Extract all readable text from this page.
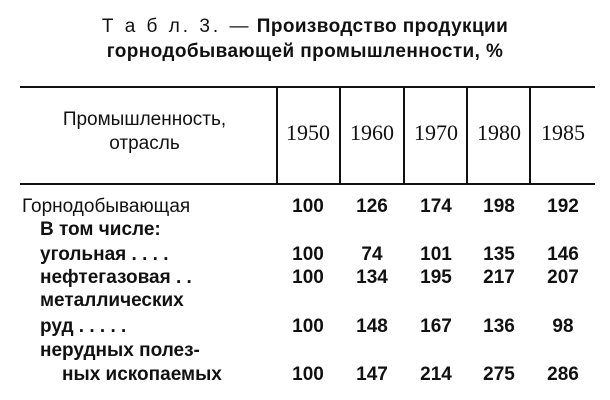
Т а б л. 3. — Производство продукции
горнодобывающей промышленности, %
Промышленность,
отрасль	1950 1960 1970 1980 1985
Горнодобывающая	100	126	174	198	192
В том числе:
угольная . . . .	100	74	101	135	146
нефтегазовая . .	100	134	195	217	207
металлических
руд . . . . .	100	148	167	136	98
нерудных полез-
ных ископаемых	100	147	214	275	286
